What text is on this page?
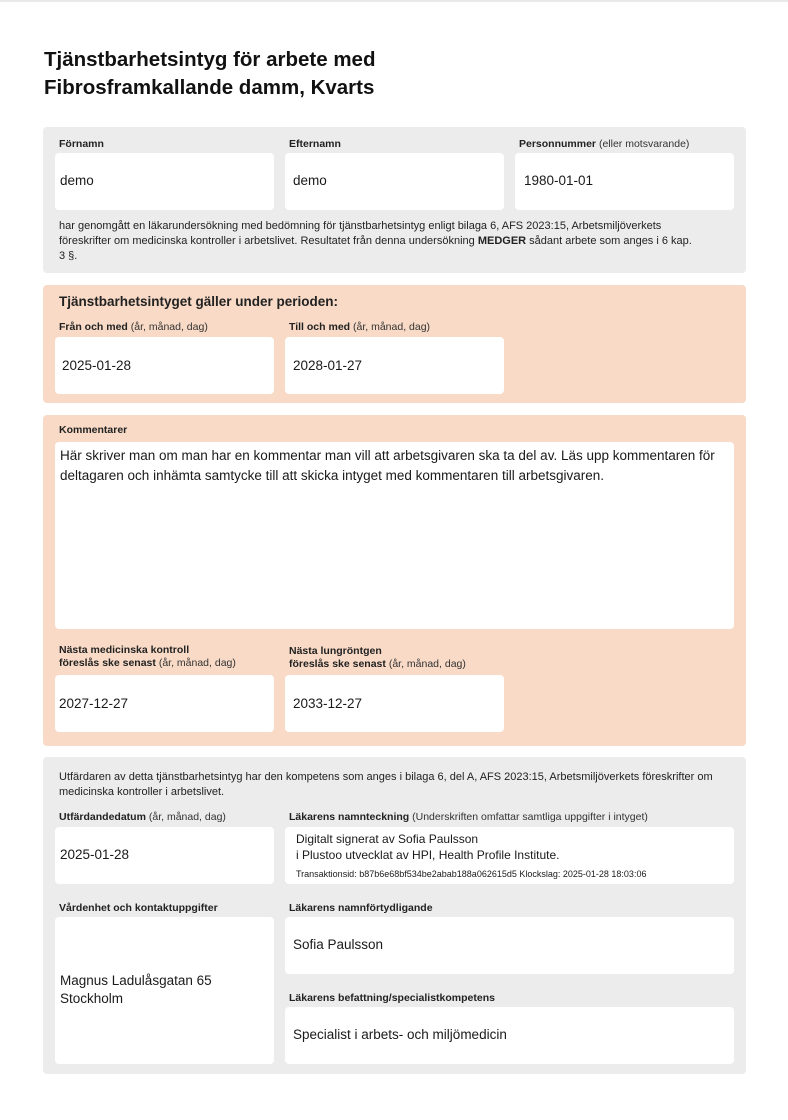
Tjänstbarhetsintyg för arbete med
Fibrosframkallande damm, Kvarts
Förnamn
demo
Efternamn
demo
Personnummer (eller motsvarande)
1980-01-01
har genomgått en läkarundersökning med bedömning för tjänstbarhetsintyg enligt bilaga 6, AFS 2023:15, Arbetsmiljöverkets föreskrifter om medicinska kontroller i arbetslivet. Resultatet från denna undersökning MEDGER sådant arbete som anges i 6 kap. 3 §.
Tjänstbarhetsintyget gäller under perioden:
Från och med (år, månad, dag)
2025-01-28
Till och med (år, månad, dag)
2028-01-27
Kommentarer
Här skriver man om man har en kommentar man vill att arbetsgivaren ska ta del av. Läs upp kommentaren för deltagaren och inhämta samtycke till att skicka intyget med kommentaren till arbetsgivaren.
Nästa medicinska kontroll
föreslås ske senast (år, månad, dag)
2027-12-27
Nästa lungröntgen
föreslås ske senast (år, månad, dag)
2033-12-27
Utfärdaren av detta tjänstbarhetsintyg har den kompetens som anges i bilaga 6, del A, AFS 2023:15, Arbetsmiljöverkets föreskrifter om medicinska kontroller i arbetslivet.
Utfärdandedatum (år, månad, dag)
2025-01-28
Läkarens namnteckning (Underskriften omfattar samtliga uppgifter i intyget)
Digitalt signerat av Sofia Paulsson
i Plustoo utvecklat av HPI, Health Profile Institute.
Transaktionsid: b87b6e68bf534be2abab188a062615d5 Klockslag: 2025-01-28 18:03:06
Vårdenhet och kontaktuppgifter
Magnus Ladulåsgatan 65
Stockholm
Läkarens namnförtydligande
Sofia Paulsson
Läkarens befattning/specialistkompetens
Specialist i arbets- och miljömedicin
